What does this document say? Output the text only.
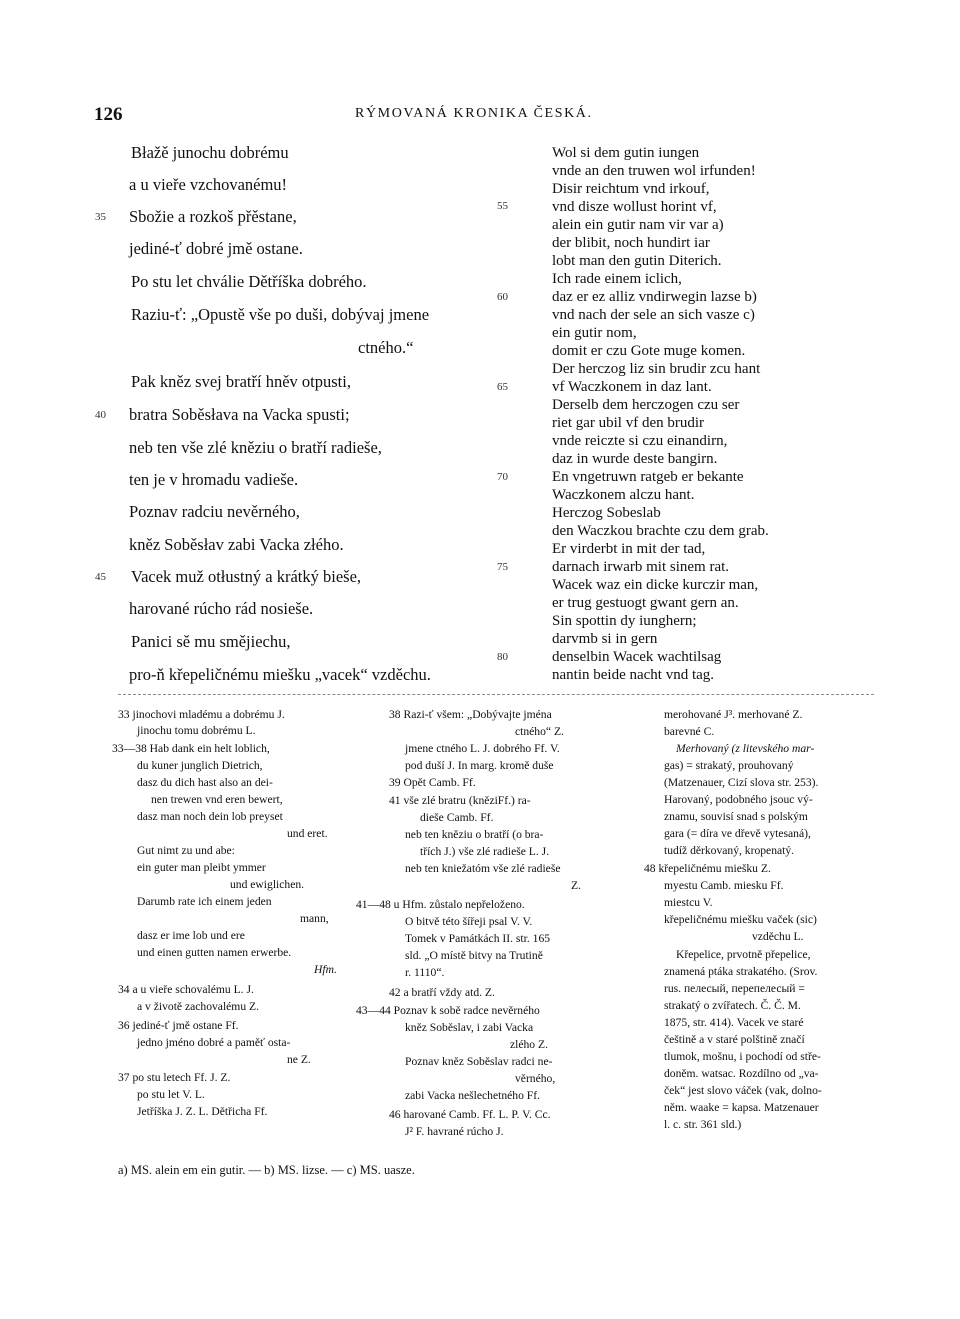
126	RÝMOVANÁ KRONIKA ČESKÁ.
Błažě junochu dobrému
a u vieře vzchovanému!
Sbožie a rozkoš přěstane,
jediné-ť dobré jmě ostane.
Po stu let chválie Dětříška dobrého.
Raziu-ť: „Opustě vše po duši, dobývaj jmene
ctného.“
Pak kněz svej bratří hněv otpusti,
bratra Soběsłava na Vacka spusti;
neb ten vše zlé kněziu o bratří radieše,
ten je v hromadu vadieše.
Poznav radciu nevěrného,
kněz Soběsłav zabi Vacka złého.
Vacek muž otłustný a krátký bieše,
harované rúcho rád nosieše.
Panici sě mu smějiechu,
pro-ň křepeličnému miešku „vacek“ vzděchu.
35
40
45
Wol si dem gutin iungen
vnde an den truwen wol irfunden!
Disir reichtum vnd irkouf,
vnd disze wollust horint vf,
alein ein gutir nam vir var a)
der blibit, noch hundirt iar
lobt man den gutin Diterich.
Ich rade einem iclich,
daz er ez alliz vndirwegin lazse b)
vnd nach der sele an sich vasze c)
ein gutir nom,
domit er czu Gote muge komen.
Der herczog liz sin brudir zcu hant
vf Waczkonem in daz lant.
Derselb dem herczogen czu ser
riet gar ubil vf den brudir
vnde reiczte si czu einandirn,
daz in wurde deste bangirn.
En vngetruwn ratgeb er bekante
Waczkonem alczu hant.
Herczog Sobeslab
den Waczkou brachte czu dem grab.
Er virderbt in mit der tad,
darnach irwarb mit sinem rat.
Wacek waz ein dicke kurczir man,
er trug gestuogt gwant gern an.
Sin spottin dy iunghern;
darvmb si in gern
denselbin Wacek wachtilsag
nantin beide nacht vnd tag.
55
60
65
70
75
80
33 jinochovi mladému a dobrému J.
jinochu tomu dobrému L.
33—38 Hab dank ein helt loblich,
du kuner junglich Dietrich,
dasz du dich hast also an dei-
nen trewen vnd eren bewert,
dasz man noch dein lob preyset
und eret.
Gut nimt zu und abe:
ein guter man pleibt ymmer
und ewiglichen.
Darumb rate ich einem jeden
mann,
dasz er ime lob und ere
und einen gutten namen erwerbe.
Hfm.
34 a u vieře schovalému L. J.
a v životě zachovalému Z.
36 jediné-ť jmě ostane Ff.
jedno jméno dobré a paměť osta-
ne Z.
37 po stu letech Ff. J. Z.
po stu let V. L.
Jetříška J. Z. L. Dětřicha Ff.
38 Razi-ť všem: „Dobývajte jména
ctného“ Z.
jmene ctného L. J. dobrého Ff. V.
pod duší J. In marg. kromě duše
39 Opět Camb. Ff.
41 vše zlé bratru (kněziFf.) ra-
dieše Camb. Ff.
neb ten kněziu o bratří (o bra-
třích J.) vše zlé radieše L. J.
neb ten kniežatóm vše zlé radieše
Z.
41—48 u Hfm. zůstalo nepřeloženo.
O bitvě této šířeji psal V. V.
Tomek v Památkách II. str. 165
sld. „O místě bitvy na Trutině
r. 1110“.
42 a bratří vždy atd. Z.
43—44 Poznav k sobě radce nevěrného
kněz Soběslav, i zabi Vacka
zlého Z.
Poznav kněz Soběslav radci ne-
věrného,
zabi Vacka nešlechetného Ff.
46 harované Camb. Ff. L. P. V. Cc.
J² F. havrané rúcho J.
merohované J³. merhované Z.
barevné C.
Merhovaný (z litevského mar-
gas) = strakatý, prouhovaný
(Matzenauer, Cizí slova str. 253).
Harovaný, podobného jsouc vý-
znamu, souvisí snad s polským
gara (= díra ve dřevě vytesaná),
tudíž děrkovaný, kropenatý.
48 křepeličnému miešku Z.
myestu Camb. miesku Ff.
miestcu V.
křepeličnému miešku vaček (sic)
vzděchu L.
Křepelice, prvotně přepelice,
znamená ptáka strakatého. (Srov.
rus. пелесый, перепелесый =
strakatý o zvířatech. Č. Č. M.
1875, str. 414). Vacek ve staré
češtině a v staré polštině značí
tlumok, mošnu, i pochodí od stře-
doněm. watsac. Rozdílno od „va-
ček“ jest slovo váček (vak, dolno-
něm. waake = kapsa. Matzenauer
l. c. str. 361 sld.)
a) MS. alein em ein gutir. — b) MS. lizse. — c) MS. uasze.
